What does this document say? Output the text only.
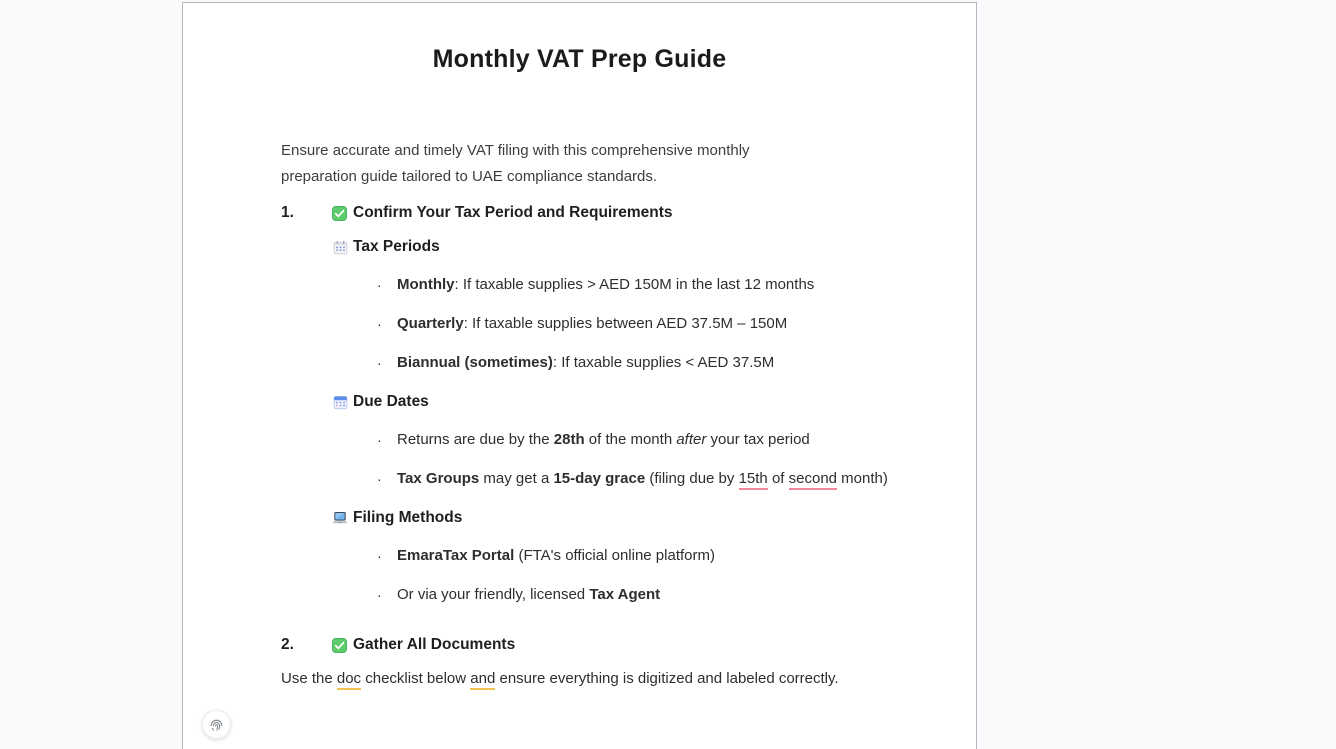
Monthly VAT Prep Guide

Ensure accurate and timely VAT filing with this comprehensive monthly preparation guide tailored to UAE compliance standards.

1.	Confirm Your Tax Period and Requirements
Tax Periods
·	Monthly: If taxable supplies > AED 150M in the last 12 months
·	Quarterly: If taxable supplies between AED 37.5M – 150M
·	Biannual (sometimes): If taxable supplies < AED 37.5M
Due Dates
·	Returns are due by the 28th of the month after your tax period
·	Tax Groups may get a 15-day grace (filing due by 15th of second month)
Filing Methods
·	EmaraTax Portal (FTA's official online platform)
·	Or via your friendly, licensed Tax Agent
2.	Gather All Documents

Use the doc checklist below and ensure everything is digitized and labeled correctly.
